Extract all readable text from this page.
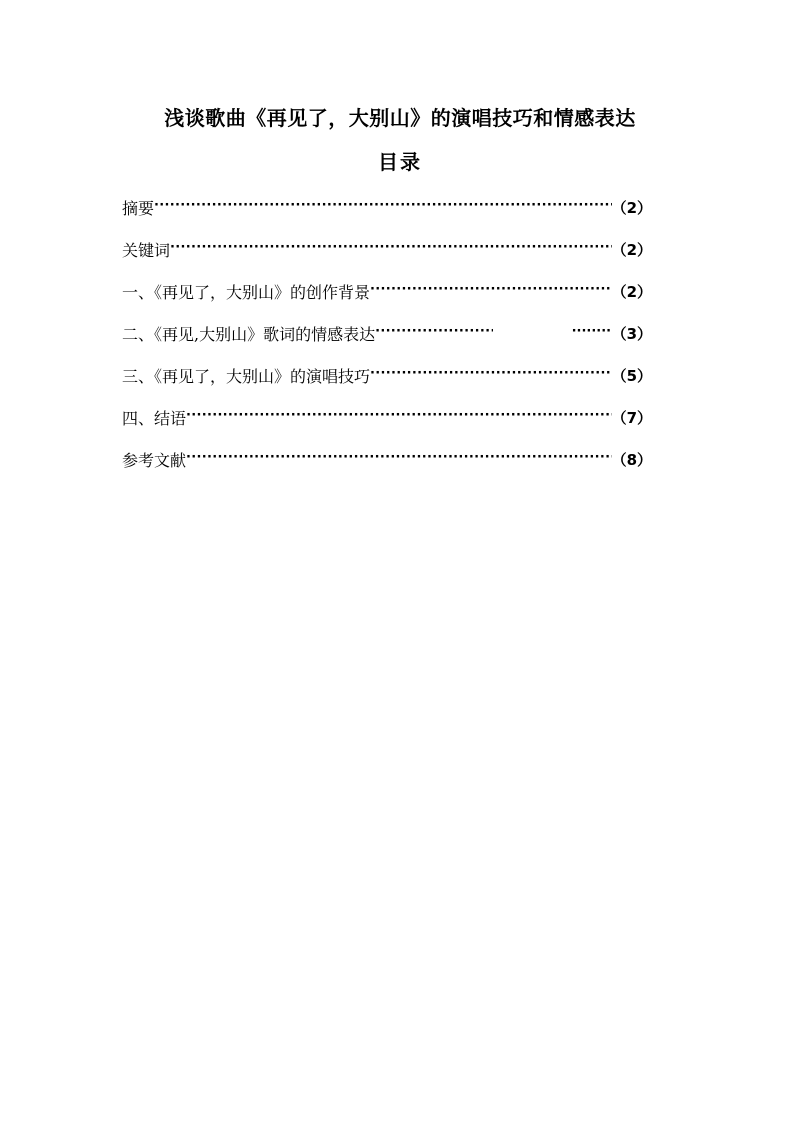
浅谈歌曲《再见了，大别山》的演唱技巧和情感表达
目录
摘要 ·····	（2）
关键词 ·····	（2）
一、《再见了，大别山》的创作背景 ·····	（2）
二、《再见,大别山》歌词的情感表达 ····· ·····	（3）
三、《再见了，大别山》的演唱技巧 ·····	（5）
四、结语 ·····	（7）
参考文献 ·····	（8）
